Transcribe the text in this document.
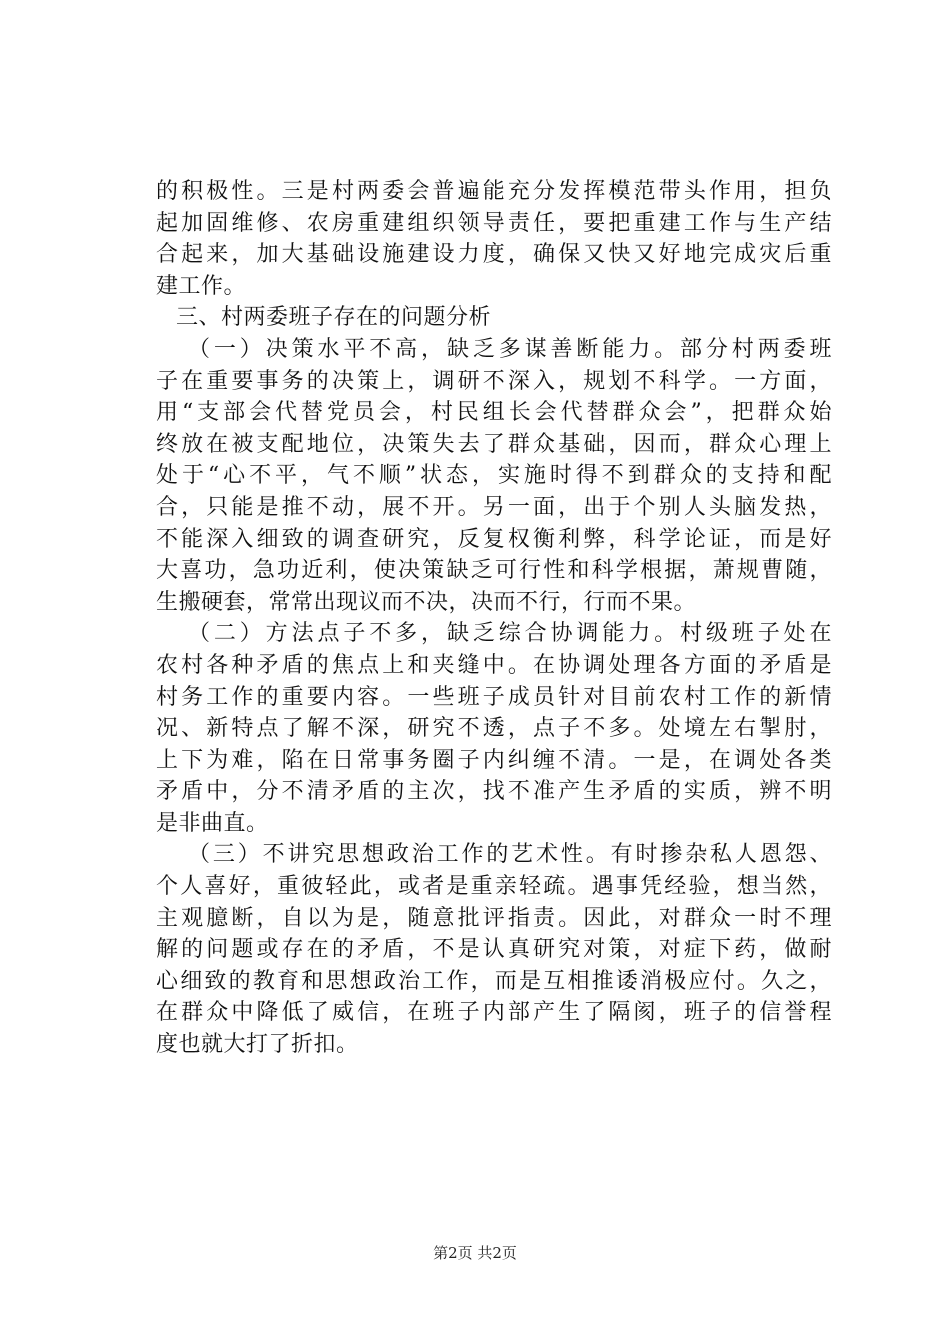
的积极性。三是村两委会普遍能充分发挥模范带头作用，担负
起加固维修、农房重建组织领导责任，要把重建工作与生产结
合起来，加大基础设施建设力度，确保又快又好地完成灾后重
建工作。
三、村两委班子存在的问题分析
（一）决策水平不高，缺乏多谋善断能力。部分村两委班
子在重要事务的决策上，调研不深入，规划不科学。一方面，
用“支部会代替党员会，村民组长会代替群众会”，把群众始
终放在被支配地位，决策失去了群众基础，因而，群众心理上
处于“心不平，气不顺”状态，实施时得不到群众的支持和配
合，只能是推不动，展不开。另一面，出于个别人头脑发热，
不能深入细致的调查研究，反复权衡利弊，科学论证，而是好
大喜功，急功近利，使决策缺乏可行性和科学根据，萧规曹随，
生搬硬套，常常出现议而不决，决而不行，行而不果。
（二）方法点子不多，缺乏综合协调能力。村级班子处在
农村各种矛盾的焦点上和夹缝中。在协调处理各方面的矛盾是
村务工作的重要内容。一些班子成员针对目前农村工作的新情
况、新特点了解不深，研究不透，点子不多。处境左右掣肘，
上下为难，陷在日常事务圈子内纠缠不清。一是，在调处各类
矛盾中，分不清矛盾的主次，找不准产生矛盾的实质，辨不明
是非曲直。
（三）不讲究思想政治工作的艺术性。有时掺杂私人恩怨、
个人喜好，重彼轻此，或者是重亲轻疏。遇事凭经验，想当然，
主观臆断，自以为是，随意批评指责。因此，对群众一时不理
解的问题或存在的矛盾，不是认真研究对策，对症下药，做耐
心细致的教育和思想政治工作，而是互相推诿消极应付。久之，
在群众中降低了威信，在班子内部产生了隔阂，班子的信誉程
度也就大打了折扣。
第2页 共2页
